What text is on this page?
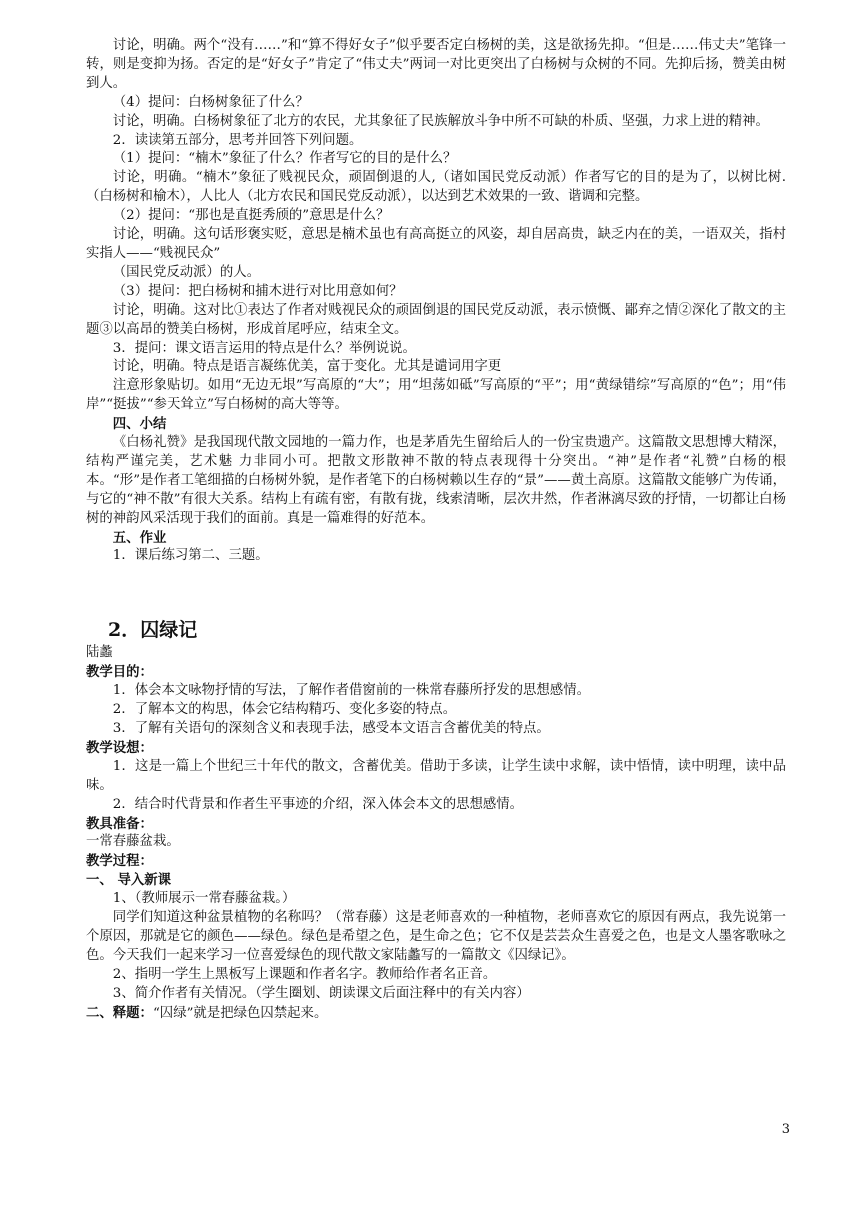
讨论，明确。两个“没有……”和“算不得好女子”似乎要否定白杨树的美，这是欲扬先抑。“但是……伟丈夫”笔锋一转，则是变抑为扬。否定的是“好女子”肯定了“伟丈夫”两词一对比更突出了白杨树与众树的不同。先抑后扬，赞美由树到人。

（4）提问：白杨树象征了什么？

讨论，明确。白杨树象征了北方的农民，尤其象征了民族解放斗争中所不可缺的朴质、坚强，力求上进的精神。

2．读读第五部分，思考并回答下列问题。

（1）提问：“楠木”象征了什么？作者写它的目的是什么？

讨论，明确。“楠木”象征了贱视民众，顽固倒退的人,（诸如国民党反动派）作者写它的目的是为了，以树比树.（白杨树和榆木），人比人（北方农民和国民党反动派），以达到艺术效果的一致、谐调和完整。

（2）提问：“那也是直挺秀颀的”意思是什么？

讨论，明确。这句话形褒实贬，意思是楠术虽也有高高挺立的风姿，却自居高贵，缺乏内在的美，一语双关，指村实指人——“贱视民众”

（国民党反动派）的人。

（3）提问：把白杨树和捕木进行对比用意如何？

讨论，明确。这对比①表达了作者对贱视民众的顽固倒退的国民党反动派，表示愤慨、鄙弃之情②深化了散文的主题③以高昂的赞美白杨树，形成首尾呼应，结束全文。

3．提问：课文语言运用的特点是什么？举例说说。

讨论，明确。特点是语言凝练优美，富于变化。尤其是谴词用字更

注意形象贴切。如用“无边无垠”写高原的“大”；用“坦荡如砥”写高原的“平”；用“黄绿错综”写高原的“色”；用“伟岸”“挺拔”“参天耸立”写白杨树的高大等等。

四、小结

《白杨礼赞》是我国现代散文园地的一篇力作，也是茅盾先生留给后人的一份宝贵遗产。这篇散文思想博大精深，结构严谨完美，艺术魅 力非同小可。把散文形散神不散的特点表现得十分突出。“神”是作者“礼赞”白杨的根本。“形”是作者工笔细描的白杨树外貌，是作者笔下的白杨树赖以生存的“景”——黄土高原。这篇散文能够广为传诵，与它的“神不散”有很大关系。结构上有疏有密，有散有拢，线索清晰，层次井然，作者淋漓尽致的抒情，一切都让白杨树的神韵风采活现于我们的面前。真是一篇难得的好范本。

五、作业

1．课后练习第二、三题。

2．囚绿记

陆蠡

教学目的：

1．体会本文咏物抒情的写法，了解作者借窗前的一株常春藤所抒发的思想感情。

2．了解本文的构思，体会它结构精巧、变化多姿的特点。

3．了解有关语句的深刻含义和表现手法，感受本文语言含蓄优美的特点。

教学设想：

1．这是一篇上个世纪三十年代的散文，含蓄优美。借助于多读，让学生读中求解，读中悟情，读中明理，读中品味。

2．结合时代背景和作者生平事迹的介绍，深入体会本文的思想感情。

教具准备：

一常春藤盆栽。

教学过程：

一、 导入新课

1、（教师展示一常春藤盆栽。）

同学们知道这种盆景植物的名称吗？（常春藤）这是老师喜欢的一种植物，老师喜欢它的原因有两点，我先说第一个原因，那就是它的颜色——绿色。绿色是希望之色，是生命之色；它不仅是芸芸众生喜爱之色，也是文人墨客歌咏之色。今天我们一起来学习一位喜爱绿色的现代散文家陆蠡写的一篇散文《囚绿记》。

2、指明一学生上黑板写上课题和作者名字。教师给作者名正音。

3、简介作者有关情况。（学生圈划、朗读课文后面注释中的有关内容）

二、释题：“囚绿”就是把绿色囚禁起来。

3
